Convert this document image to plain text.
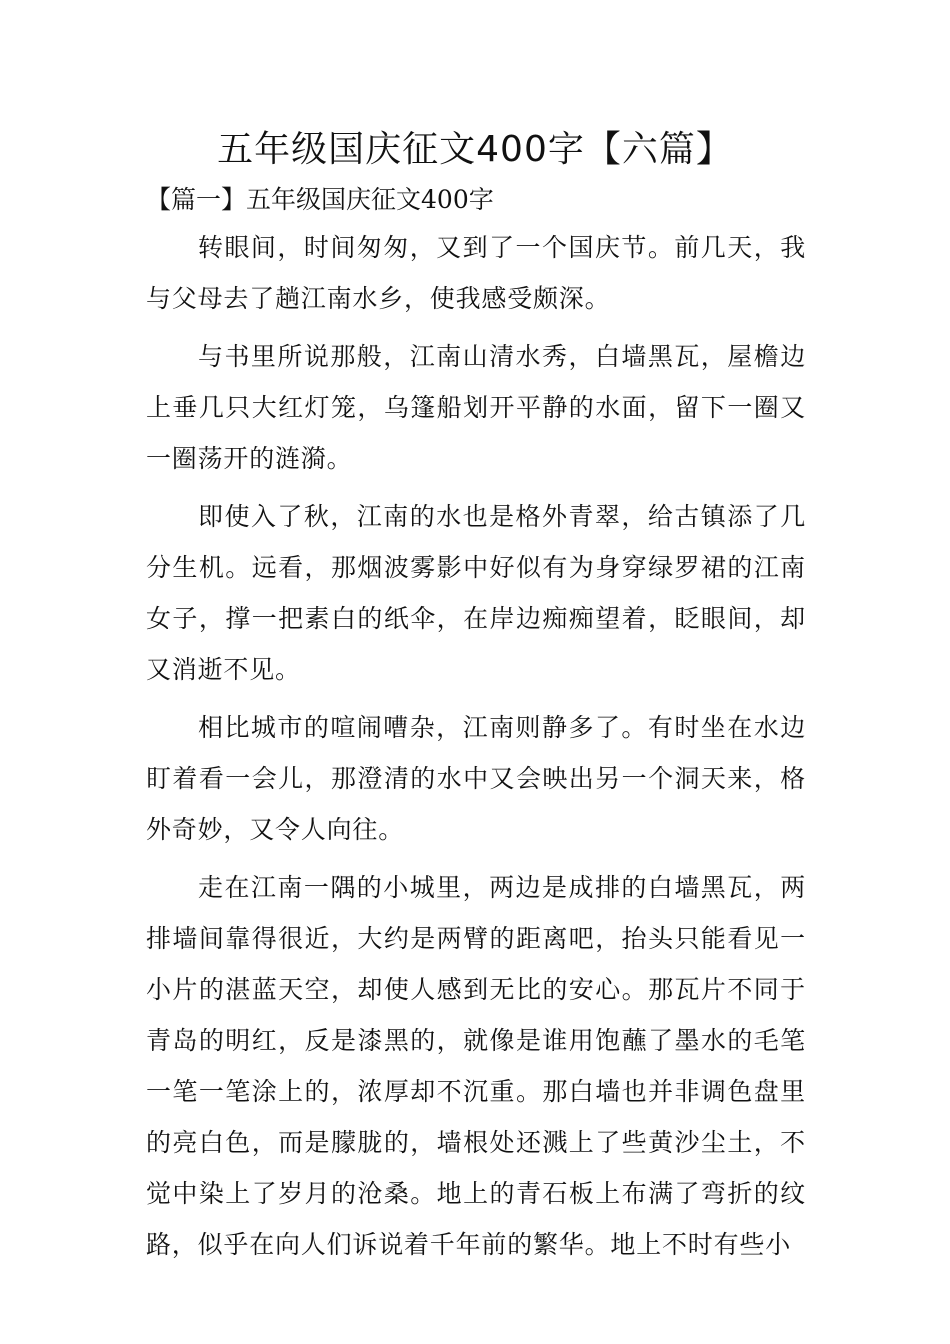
五年级国庆征文400字【六篇】
【篇一】五年级国庆征文400字

转眼间，时间匆匆，又到了一个国庆节。前几天，我与父母去了趟江南水乡，使我感受颇深。

与书里所说那般，江南山清水秀，白墙黑瓦，屋檐边上垂几只大红灯笼，乌篷船划开平静的水面，留下一圈又一圈荡开的涟漪。

即使入了秋，江南的水也是格外青翠，给古镇添了几分生机。远看，那烟波雾影中好似有为身穿绿罗裙的江南女子，撑一把素白的纸伞，在岸边痴痴望着，眨眼间，却又消逝不见。

相比城市的喧闹嘈杂，江南则静多了。有时坐在水边盯着看一会儿，那澄清的水中又会映出另一个洞天来，格外奇妙，又令人向往。

走在江南一隅的小城里，两边是成排的白墙黑瓦，两排墙间靠得很近，大约是两臂的距离吧，抬头只能看见一小片的湛蓝天空，却使人感到无比的安心。那瓦片不同于青岛的明红，反是漆黑的，就像是谁用饱蘸了墨水的毛笔一笔一笔涂上的，浓厚却不沉重。那白墙也并非调色盘里的亮白色，而是朦胧的，墙根处还溅上了些黄沙尘土，不觉中染上了岁月的沧桑。地上的青石板上布满了弯折的纹路，似乎在向人们诉说着千年前的繁华。地上不时有些小
